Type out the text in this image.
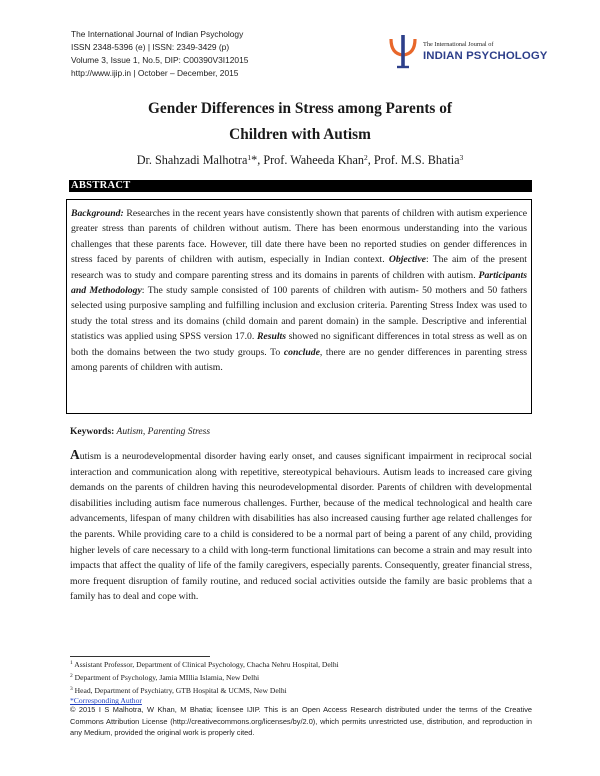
The International Journal of Indian Psychology
ISSN 2348-5396 (e) | ISSN: 2349-3429 (p)
Volume 3, Issue 1, No.5, DIP: C00390V3I12015
http://www.ijip.in | October – December, 2015
The International Journal of
INDIAN PSYCHOLOGY
Gender Differences in Stress among Parents of
Children with Autism
Dr. Shahzadi Malhotra$^1$*, Prof. Waheeda Khan$^2$, Prof. M.S. Bhatia$^3$
ABSTRACT
Background: Researches in the recent years have consistently shown that parents of children with autism experience greater stress than parents of children without autism. There has been enormous understanding into the various challenges that these parents face. However, till date there have been no reported studies on gender differences in stress faced by parents of children with autism, especially in Indian context. Objective: The aim of the present research was to study and compare parenting stress and its domains in parents of children with autism. Participants and Methodology: The study sample consisted of 100 parents of children with autism- 50 mothers and 50 fathers selected using purposive sampling and fulfilling inclusion and exclusion criteria. Parenting Stress Index was used to study the total stress and its domains (child domain and parent domain) in the sample. Descriptive and inferential statistics was applied using SPSS version 17.0. Results showed no significant differences in total stress as well as on both the domains between the two study groups. To conclude, there are no gender differences in parenting stress among parents of children with autism.
Keywords: Autism, Parenting Stress
Autism is a neurodevelopmental disorder having early onset, and causes significant impairment in reciprocal social interaction and communication along with repetitive, stereotypical behaviours. Autism leads to increased care giving demands on the parents of children having this neurodevelopmental disorder. Parents of children with developmental disabilities including autism face numerous challenges. Further, because of the medical technological and health care advancements, lifespan of many children with disabilities has also increased causing further age related challenges for the parents. While providing care to a child is considered to be a normal part of being a parent of any child, providing higher levels of care necessary to a child with long-term functional limitations can become a strain and may result into impacts that affect the quality of life of the family caregivers, especially parents. Consequently, greater financial stress, more frequent disruption of family routine, and reduced social activities outside the family are basic problems that a family has to deal and cope with.
$^1$ Assistant Professor, Department of Clinical Psychology, Chacha Nehru Hospital, Delhi
$^2$ Department of Psychology, Jamia MIllia Islamia, New Delhi
$^3$ Head, Department of Psychiatry, GTB Hospital & UCMS, New Delhi
*Corresponding Author
© 2015 I S Malhotra, W Khan, M Bhatia; licensee IJIP. This is an Open Access Research distributed under the terms of the Creative Commons Attribution License (http://creativecommons.org/licenses/by/2.0), which permits unrestricted use, distribution, and reproduction in any Medium, provided the original work is properly cited.
